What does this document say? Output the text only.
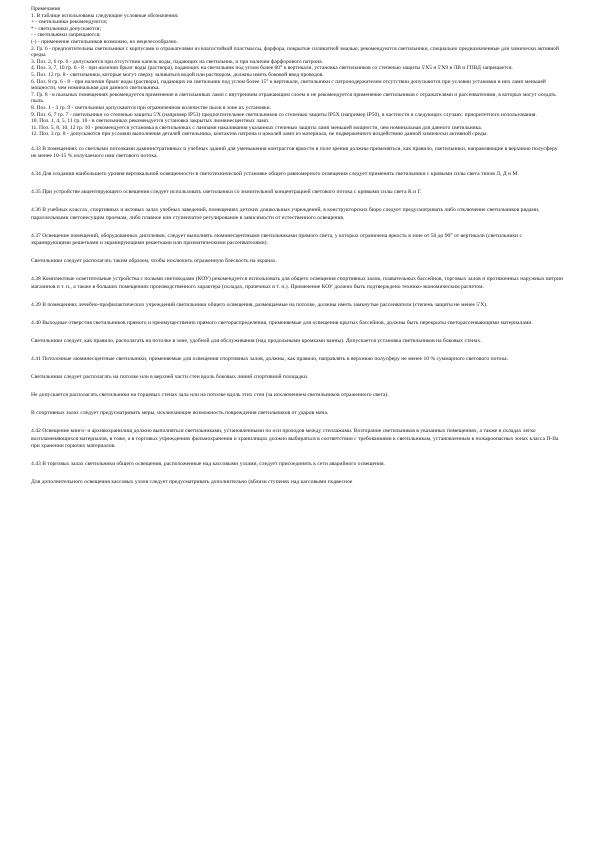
Примечания
1. В таблице использованы следующие условные обозначения:
+ - светильники рекомендуются;
* - светильники допускаются;
- - светильники запрещаются;
(-) - применение светильников возможно, но нецелесообразно.
2. Гр. 6 - предпочтительны светильники с корпусами и отражателями из влагостойкой пластмассы, фарфора, покрытые силикатной эмалью; рекомендуются светильники, специально предназначенные для химически активной среды.
3. Поз. 2, 6 гр. 6 - допускаются при отсутствии капель воды, падающих на светильник, и при наличии фарфорового патрона.
4. Поз. 3, 7, 10 гр. 6 - 8 - при наличии брызг воды (раствора), падающих на светильник под углом более 60° к вертикали, установка светильников со степенью защиты 5'Х5 и 5'Х9 в ЛВ и ГПВД запрещается.
5. Поз. 12 гр. 8 - светильники, которые могут сверху заливаться водой или раствором, должны иметь боковой ввод проводов.
6. Поз. 8 гр. 6 - 8 - при наличии брызг воды (раствора), падающих на светильник под углом более 15° к вертикали, светильники с патронодержателем отсутствии допускаются при условии установки в них ламп меньшей мощности, чем номинальная для данного светильника.
7. Гр. 8 - в пыльных помещениях рекомендуется применение в светильниках ламп с внутренним отражающим слоем и не рекомендуется применение светильников с отражателями и рассеивателями, в которых могут оседать пыль.
8. Поз. 1 - 3 гр. 9 - светильники допускаются при ограниченном количестве пыли в зоне их установки.
9. Поз. 6, 7 гр. 7 - светильники со степенью защиты 5'Х (например IP53) предпочтительнее светильников со степенью защиты IP5Х (например IP50), в частности в следующих случаях: приоритетного использования.
10. Поз. 1, 4, 5, 11 гр. 10 - в светильниках рекомендуется установка закрытых люминесцентных ламп.
11. Поз. 5, 8, 10, 12 гр. 10 - рекомендуется установка в светильниках с лампами накаливания указанных степенью защиты ламп меньшей мощности, чем номинальная для данного светильника.
12. Поз. 3 гр. 8 - допускаются при условии выполнения деталей светильника, контактов патрона и цоколей ламп из материала, не подверженного воздействию данной химически активной среды.

4.33 В помещениях со светлыми потолками административных и учебных зданий для уменьшения контрастов яркости в поле зрения должны применяться, как правило, светильники, направляющие в верхнюю полусферу не менее 10-15 % излучаемого ими светового потока.

4.34 Для создания наибольшего уровня вертикальной освещенности в светотехнической установке общего равномерного освещения следует применять светильники с кривыми силы света типов Л, Д и М.

4.35 При устройстве акцентирующего освещения следует использовать светильники со значительной концентрацией светового потока с кривыми силы света К и Г.

4.36 В учебных классах, спортивных и актовых залах учебных заведений, помещениях детских дошкольных учреждений, в конструкторских бюро следует предусматривать либо отключение светильников рядами, параллельными светонесущим проемам, либо плавное или ступенчатое регулирование в зависимости от естественного освещения.

4.37 Освещение помещений, оборудованных дисплеями, следует выполнять люминесцентными светильниками прямого света, у которых ограничена яркость в зоне от 50 до 90° от вертикали (светильники с экранирующими решетками и экранирующими решетками или призматическими рассеивателями).

Светильники следует располагать таким образом, чтобы исключить отраженную блескость на экранах.

4.38 Комплектные осветительные устройства с полыми световодами (КОУ) рекомендуется использовать для общего освещения спортивных залов, плавательных бассейнов, торговых залов и протяженных наружных витрин магазинов и т. п., а также в больших помещениях производственного характера (складах, прачечных и т. п.). Применение КОУ должно быть подтверждено технико-экономическим расчетом.

4.39 В помещениях лечебно-профилактических учреждений светильники общего освещения, размещаемые на потолке, должны иметь замкнутые рассеиватели (степень защиты не менее 5'Х).

4.40 Выходные отверстия светильников прямого и преимущественно прямого светораспределения, применяемые для освещения крытых бассейнов, должны быть перекрыты светорассеивающими материалами.

Светильники следует, как правило, располагать на потолке в зоне, удобной для обслуживания (над продольными кромками ванны). Допускается установка светильников на боковых стенах.

4.41 Потолочные люминесцентные светильники, применяемые для освещения спортивных залов, должны, как правило, направлять в верхнюю полусферу не менее 10 % суммарного светового потока.

Светильники следует располагать на потолке или в верхней части стен вдоль боковых линий спортивной площадки.

Не допускается располагать светильники на торцевых стенах зала или на потолке вдоль этих стен (за исключением светильников отраженного света).

В спортивных залах следует предусматривать меры, исключающие возможность повреждения светильников от ударов мяча.

4.42 Освещение книго- и архивохранилищ должно выполняться светильниками, установленными по оси проходов между стеллажами. Возгорание светильников в указанных помещениях, а также в складах легко воспламеняющихся материалов, в тоже, а в торговых учреждениях фильмохранения и хранилищах должно выбираться в соответствии с требованиями к светильникам, установленным в пожароопасных зонах класса П-IIa при хранении горючих материалов.

4.43 В торговых залах светильники общего освещения, расположенные над кассовыми узлами, следует присоединять к сети аварийного освещения.

Для дополнительного освещения кассовых узлов следует предусматривать дополнительно (вблизи ступенях над кассовыми подвесное
